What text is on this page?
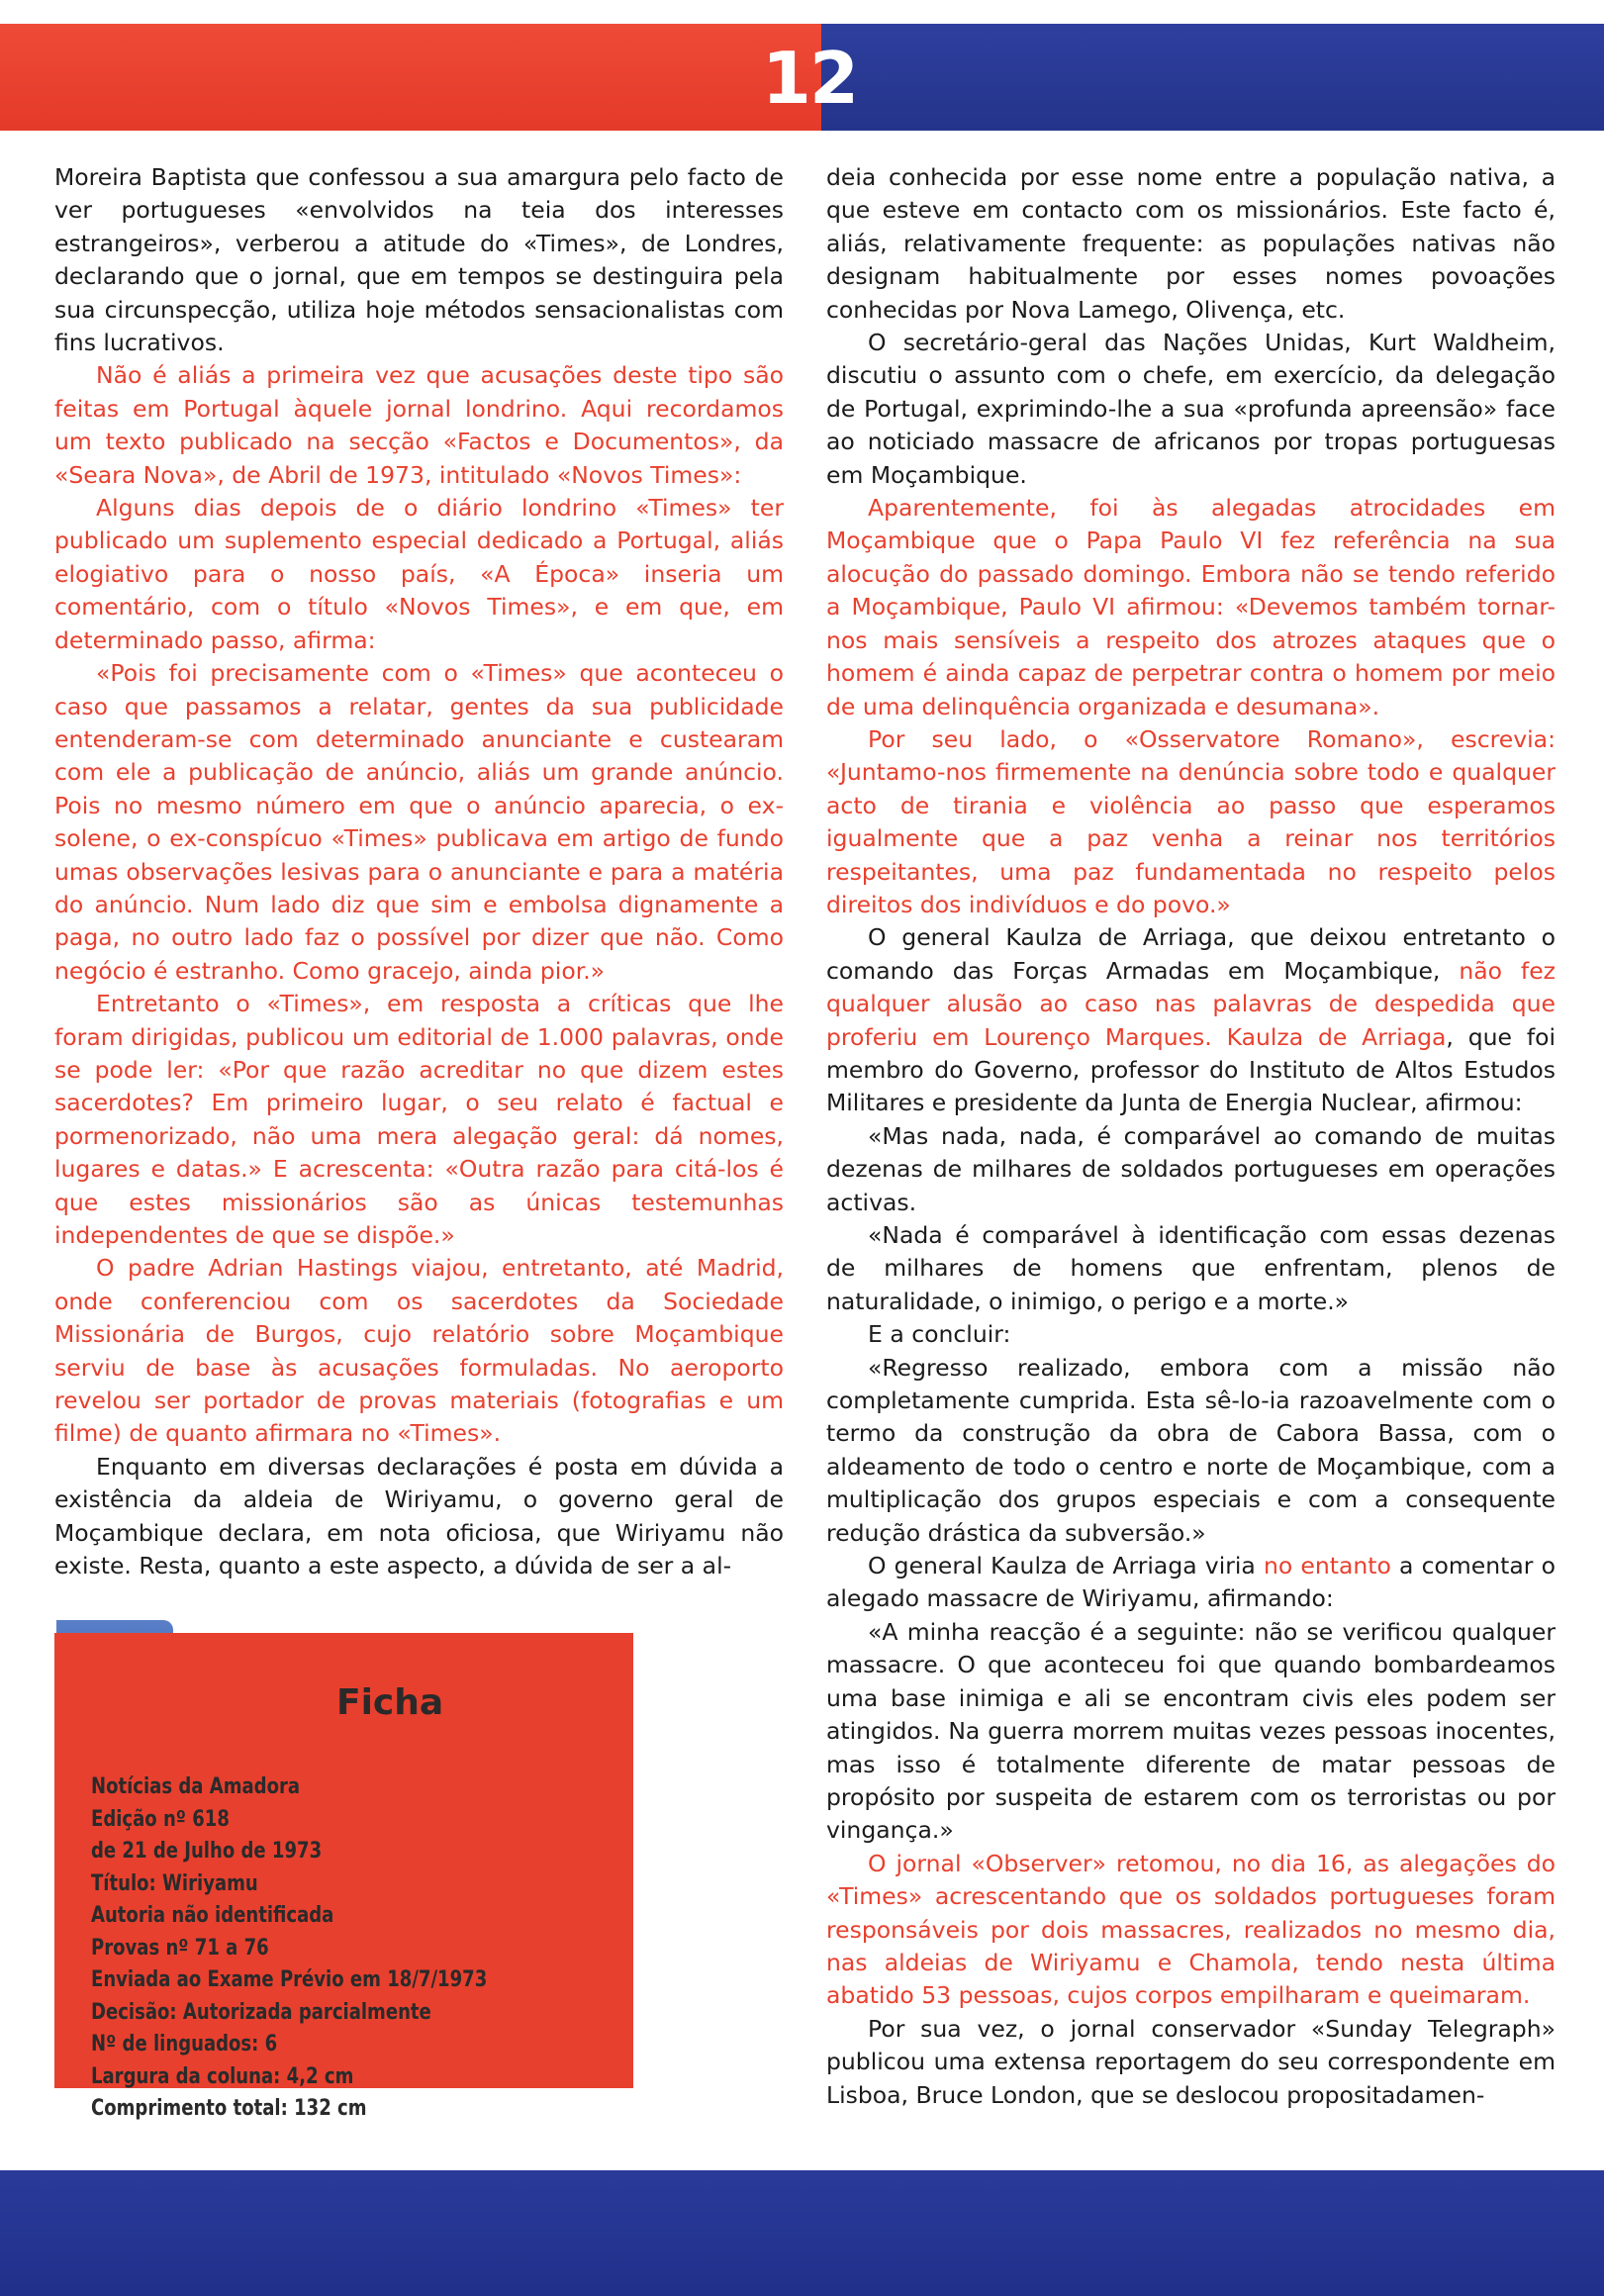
12

Moreira Baptista que confessou a sua amargura pelo facto de ver portugueses «envolvidos na teia dos interesses estrangeiros», verberou a atitude do «Times», de Londres, declarando que o jornal, que em tempos se destinguira pela sua circunspecção, utiliza hoje métodos sensacionalistas com fins lucrativos.

Não é aliás a primeira vez que acusações deste tipo são feitas em Portugal àquele jornal londrino. Aqui recordamos um texto publicado na secção «Factos e Documentos», da «Seara Nova», de Abril de 1973, intitulado «Novos Times»:

Alguns dias depois de o diário londrino «Times» ter publicado um suplemento especial dedicado a Portugal, aliás elogiativo para o nosso país, «A Época» inseria um comentário, com o título «Novos Times», e em que, em determinado passo, afirma:

«Pois foi precisamente com o «Times» que aconteceu o caso que passamos a relatar, gentes da sua publicidade entenderam-se com determinado anunciante e custearam com ele a publicação de anúncio, aliás um grande anúncio. Pois no mesmo número em que o anúncio aparecia, o ex-solene, o ex-conspícuo «Times» publicava em artigo de fundo umas observações lesivas para o anunciante e para a matéria do anúncio. Num lado diz que sim e embolsa dignamente a paga, no outro lado faz o possível por dizer que não. Como negócio é estranho. Como gracejo, ainda pior.»

Entretanto o «Times», em resposta a críticas que lhe foram dirigidas, publicou um editorial de 1.000 palavras, onde se pode ler: «Por que razão acreditar no que dizem estes sacerdotes? Em primeiro lugar, o seu relato é factual e pormenorizado, não uma mera alegação geral: dá nomes, lugares e datas.» E acrescenta: «Outra razão para citá-los é que estes missionários são as únicas testemunhas independentes de que se dispõe.»

O padre Adrian Hastings viajou, entretanto, até Madrid, onde conferenciou com os sacerdotes da Sociedade Missionária de Burgos, cujo relatório sobre Moçambique serviu de base às acusações formuladas. No aeroporto revelou ser portador de provas materiais (fotografias e um filme) de quanto afirmara no «Times».

Enquanto em diversas declarações é posta em dúvida a existência da aldeia de Wiriyamu, o governo geral de Moçambique declara, em nota oficiosa, que Wiriyamu não existe. Resta, quanto a este aspecto, a dúvida de ser a al-

deia conhecida por esse nome entre a população nativa, a que esteve em contacto com os missionários. Este facto é, aliás, relativamente frequente: as populações nativas não designam habitualmente por esses nomes povoações conhecidas por Nova Lamego, Olivença, etc.

O secretário-geral das Nações Unidas, Kurt Waldheim, discutiu o assunto com o chefe, em exercício, da delegação de Portugal, exprimindo-lhe a sua «profunda apreensão» face ao noticiado massacre de africanos por tropas portuguesas em Moçambique.

Aparentemente, foi às alegadas atrocidades em Moçambique que o Papa Paulo VI fez referência na sua alocução do passado domingo. Embora não se tendo referido a Moçambique, Paulo VI afirmou: «Devemos também tornar-nos mais sensíveis a respeito dos atrozes ataques que o homem é ainda capaz de perpetrar contra o homem por meio de uma delinquência organizada e desumana».

Por seu lado, o «Osservatore Romano», escrevia: «Juntamo-nos firmemente na denúncia sobre todo e qualquer acto de tirania e violência ao passo que esperamos igualmente que a paz venha a reinar nos territórios respeitantes, uma paz fundamentada no respeito pelos direitos dos indivíduos e do povo.»

O general Kaulza de Arriaga, que deixou entretanto o comando das Forças Armadas em Moçambique, não fez qualquer alusão ao caso nas palavras de despedida que proferiu em Lourenço Marques. Kaulza de Arriaga, que foi membro do Governo, professor do Instituto de Altos Estudos Militares e presidente da Junta de Energia Nuclear, afirmou:

«Mas nada, nada, é comparável ao comando de muitas dezenas de milhares de soldados portugueses em operações activas.

«Nada é comparável à identificação com essas dezenas de milhares de homens que enfrentam, plenos de naturalidade, o inimigo, o perigo e a morte.»

E a concluir:

«Regresso realizado, embora com a missão não completamente cumprida. Esta sê-lo-ia razoavelmente com o termo da construção da obra de Cabora Bassa, com o aldeamento de todo o centro e norte de Moçambique, com a multiplicação dos grupos especiais e com a consequente redução drástica da subversão.»

O general Kaulza de Arriaga viria no entanto a comentar o alegado massacre de Wiriyamu, afirmando:

«A minha reacção é a seguinte: não se verificou qualquer massacre. O que aconteceu foi que quando bombardeamos uma base inimiga e ali se encontram civis eles podem ser atingidos. Na guerra morrem muitas vezes pessoas inocentes, mas isso é totalmente diferente de matar pessoas de propósito por suspeita de estarem com os terroristas ou por vingança.»

O jornal «Observer» retomou, no dia 16, as alegações do «Times» acrescentando que os soldados portugueses foram responsáveis por dois massacres, realizados no mesmo dia, nas aldeias de Wiriyamu e Chamola, tendo nesta última abatido 53 pessoas, cujos corpos empilharam e queimaram.

Por sua vez, o jornal conservador «Sunday Telegraph» publicou uma extensa reportagem do seu correspondente em Lisboa, Bruce London, que se deslocou propositadamen-

Ficha
Notícias da Amadora
Edição nº 618
de 21 de Julho de 1973
Título: Wiriyamu
Autoria não identificada
Provas nº 71 a 76
Enviada ao Exame Prévio em 18/7/1973
Decisão: Autorizada parcialmente
Nº de linguados: 6
Largura da coluna: 4,2 cm
Comprimento total: 132 cm
